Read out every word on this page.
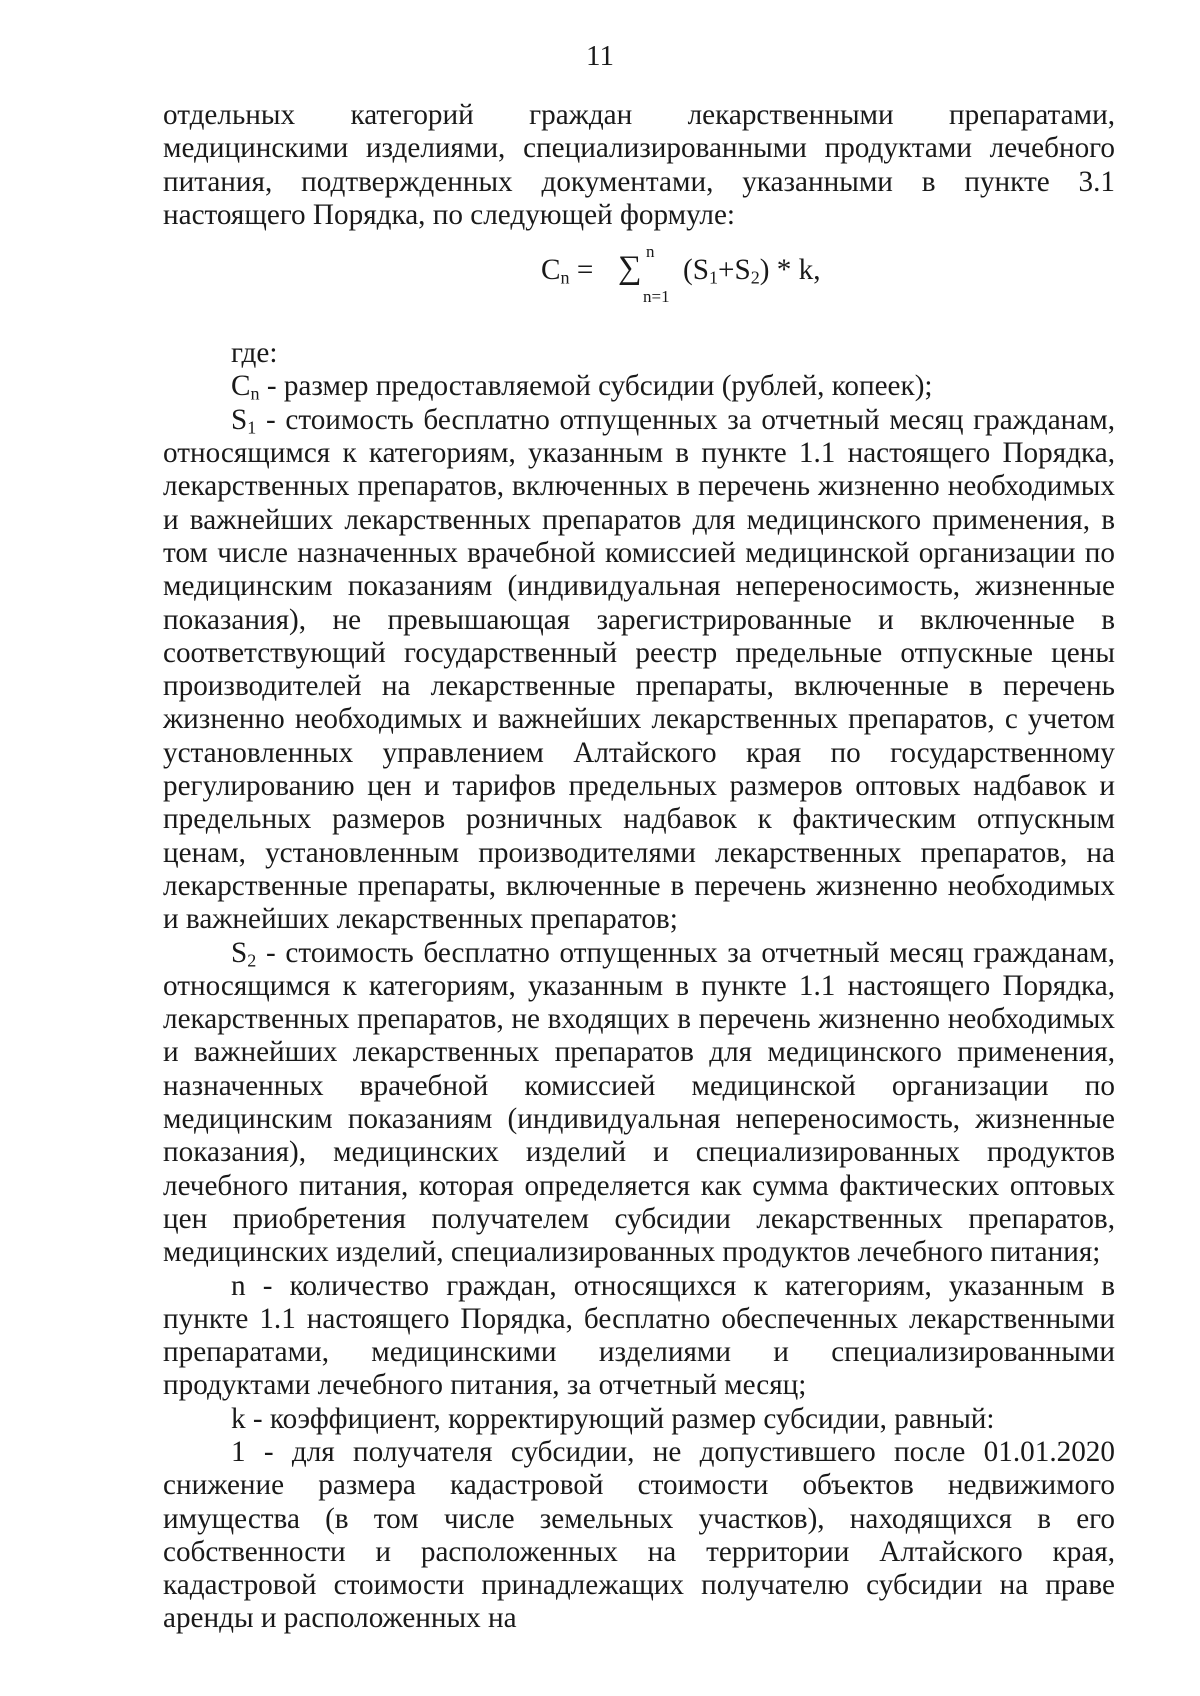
11

отдельных категорий граждан лекарственными препаратами, медицинскими изделиями, специализированными продуктами лечебного питания, подтвержденных документами, указанными в пункте 3.1 настоящего Порядка, по следующей формуле:

$C_n$ = ∑ n
n=1
$(S_1+S_2) * k$,

где:

$C_n$ - размер предоставляемой субсидии (рублей, копеек);

$S_1$ - стоимость бесплатно отпущенных за отчетный месяц гражданам, относящимся к категориям, указанным в пункте 1.1 настоящего Порядка, лекарственных препаратов, включенных в перечень жизненно необходимых и важнейших лекарственных препаратов для медицинского применения, в том числе назначенных врачебной комиссией медицинской организации по медицинским показаниям (индивидуальная непереносимость, жизненные показания), не превышающая зарегистрированные и включенные в соответствующий государственный реестр предельные отпускные цены производителей на лекарственные препараты, включенные в перечень жизненно необходимых и важнейших лекарственных препаратов, с учетом установленных управлением Алтайского края по государственному регулированию цен и тарифов предельных размеров оптовых надбавок и предельных размеров розничных надбавок к фактическим отпускным ценам, установленным производителями лекарственных препаратов, на лекарственные препараты, включенные в перечень жизненно необходимых и важнейших лекарственных препаратов;

$S_2$ - стоимость бесплатно отпущенных за отчетный месяц гражданам, относящимся к категориям, указанным в пункте 1.1 настоящего Порядка, лекарственных препаратов, не входящих в перечень жизненно необходимых и важнейших лекарственных препаратов для медицинского применения, назначенных врачебной комиссией медицинской организации по медицинским показаниям (индивидуальная непереносимость, жизненные показания), медицинских изделий и специализированных продуктов лечебного питания, которая определяется как сумма фактических оптовых цен приобретения получателем субсидии лекарственных препаратов, медицинских изделий, специализированных продуктов лечебного питания;

n - количество граждан, относящихся к категориям, указанным в пункте 1.1 настоящего Порядка, бесплатно обеспеченных лекарственными препаратами, медицинскими изделиями и специализированными продуктами лечебного питания, за отчетный месяц;

k - коэффициент, корректирующий размер субсидии, равный:

1 - для получателя субсидии, не допустившего после 01.01.2020 снижение размера кадастровой стоимости объектов недвижимого имущества (в том числе земельных участков), находящихся в его собственности и расположенных на территории Алтайского края, кадастровой стоимости принадлежащих получателю субсидии на праве аренды и расположенных на
